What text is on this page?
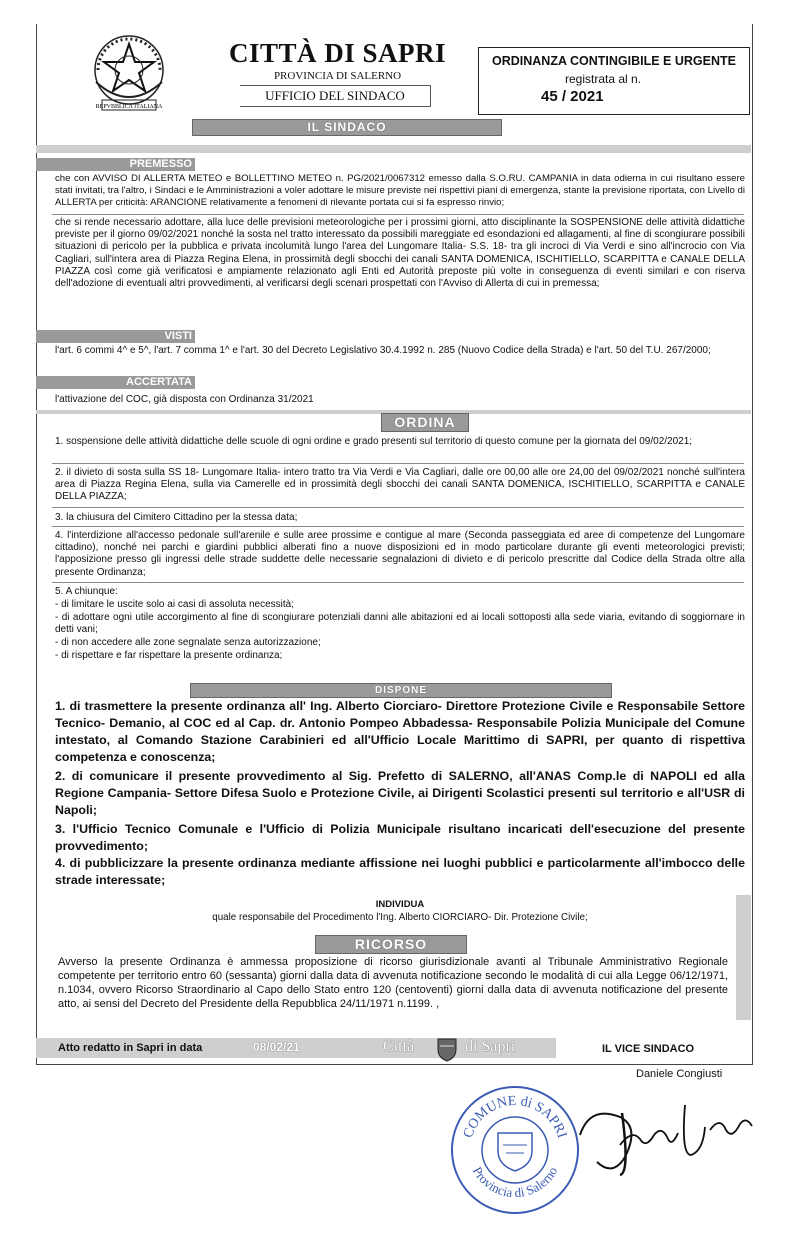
REPVBBLICA ITALIANA
CITTÀ DI SAPRI
PROVINCIA DI SALERNO
UFFICIO DEL SINDACO
ORDINANZA CONTINGIBILE E URGENTE
registrata al n.
45 / 2021
IL SINDACO
PREMESSO
che con AVVISO DI ALLERTA METEO e BOLLETTINO METEO n. PG/2021/0067312 emesso dalla S.O.RU. CAMPANIA in data odierna in cui risultano essere stati invitati, tra l'altro, i Sindaci e le Amministrazioni a voler adottare le misure previste nei rispettivi piani di emergenza, stante la previsione riportata, con Livello di ALLERTA per criticità: ARANCIONE relativamente a fenomeni di rilevante portata cui si fa espresso rinvio;
che si rende necessario adottare, alla luce delle previsioni meteorologiche per i prossimi giorni, atto disciplinante la SOSPENSIONE delle attività didattiche previste per il giorno 09/02/2021 nonché la sosta nel tratto interessato da possibili mareggiate ed esondazioni ed allagamenti, al fine di scongiurare possibili situazioni di pericolo per la pubblica e privata incolumità lungo l'area del Lungomare Italia- S.S. 18- tra gli incroci di Via Verdi e sino all'incrocio con Via Cagliari, sull'intera area di Piazza Regina Elena, in prossimità degli sbocchi dei canali SANTA DOMENICA, ISCHITIELLO, SCARPITTA e CANALE DELLA PIAZZA così come già verificatosi e ampiamente relazionato agli Enti ed Autorità preposte più volte in conseguenza di eventi similari e con riserva dell'adozione di eventuali altri provvedimenti, al verificarsi degli scenari prospettati con l'Avviso di Allerta di cui in premessa;
VISTI
l'art. 6 commi 4^ e 5^, l'art. 7 comma 1^ e l'art. 30 del Decreto Legislativo 30.4.1992 n. 285 (Nuovo Codice della Strada) e l'art. 50 del T.U. 267/2000;
ACCERTATA
l'attivazione del COC, già disposta con Ordinanza 31/2021
ORDINA
1. sospensione delle attività didattiche delle scuole di ogni ordine e grado presenti sul territorio di questo comune per la giornata del 09/02/2021;
2. il divieto di sosta sulla SS 18- Lungomare Italia- intero tratto tra Via Verdi e Via Cagliari, dalle ore 00,00 alle ore 24,00 del 09/02/2021 nonché sull'intera area di Piazza Regina Elena, sulla via Camerelle ed in prossimità degli sbocchi dei canali SANTA DOMENICA, ISCHITIELLO, SCARPITTA e CANALE DELLA PIAZZA;
3. la chiusura del Cimitero Cittadino per la stessa data;
4. l'interdizione all'accesso pedonale sull'arenile e sulle aree prossime e contigue al mare (Seconda passeggiata ed aree di competenze del Lungomare cittadino), nonché nei parchi e giardini pubblici alberati fino a nuove disposizioni ed in modo particolare durante gli eventi meteorologici previsti; l'apposizione presso gli ingressi delle strade suddette delle necessarie segnalazioni di divieto e di pericolo prescritte dal Codice della Strada oltre alla presente Ordinanza;
5. A chiunque:
- di limitare le uscite solo ai casi di assoluta necessità;
- di adottare ogni utile accorgimento al fine di scongiurare potenziali danni alle abitazioni ed ai locali sottoposti alla sede viaria, evitando di soggiornare in detti vani;
- di non accedere alle zone segnalate senza autorizzazione;
- di rispettare e far rispettare la presente ordinanza;
DISPONE
1. di trasmettere la presente ordinanza all' Ing. Alberto Ciorciaro- Direttore Protezione Civile e Responsabile Settore Tecnico- Demanio, al COC ed al Cap. dr. Antonio Pompeo Abbadessa- Responsabile Polizia Municipale del Comune intestato, al Comando Stazione Carabinieri ed all'Ufficio Locale Marittimo di SAPRI, per quanto di rispettiva competenza e conoscenza;
2. di comunicare il presente provvedimento al Sig. Prefetto di SALERNO, all'ANAS Comp.le di NAPOLI ed alla Regione Campania- Settore Difesa Suolo e Protezione Civile, ai Dirigenti Scolastici presenti sul territorio e all'USR di Napoli;
3. l'Ufficio Tecnico Comunale e l'Ufficio di Polizia Municipale risultano incaricati dell'esecuzione del presente provvedimento;
4. di pubblicizzare la presente ordinanza mediante affissione nei luoghi pubblici e particolarmente all'imbocco delle strade interessate;
INDIVIDUA
quale responsabile del Procedimento l'Ing. Alberto CIORCIARO- Dir. Protezione Civile;
RICORSO
Avverso la presente Ordinanza è ammessa proposizione di ricorso giurisdizionale avanti al Tribunale Amministrativo Regionale competente per territorio entro 60 (sessanta) giorni dalla data di avvenuta notificazione secondo le modalità di cui alla Legge 06/12/1971, n.1034, ovvero Ricorso Straordinario al Capo dello Stato entro 120 (centoventi) giorni dalla data di avvenuta notificazione del presente atto, ai sensi del Decreto del Presidente della Repubblica 24/11/1971 n.1199. ,
Atto redatto in Sapri in data	08/02/21	Città	di Sapri	IL VICE SINDACO
Daniele Congiusti
COMUNE di SAPRI
Provincia di Salerno
